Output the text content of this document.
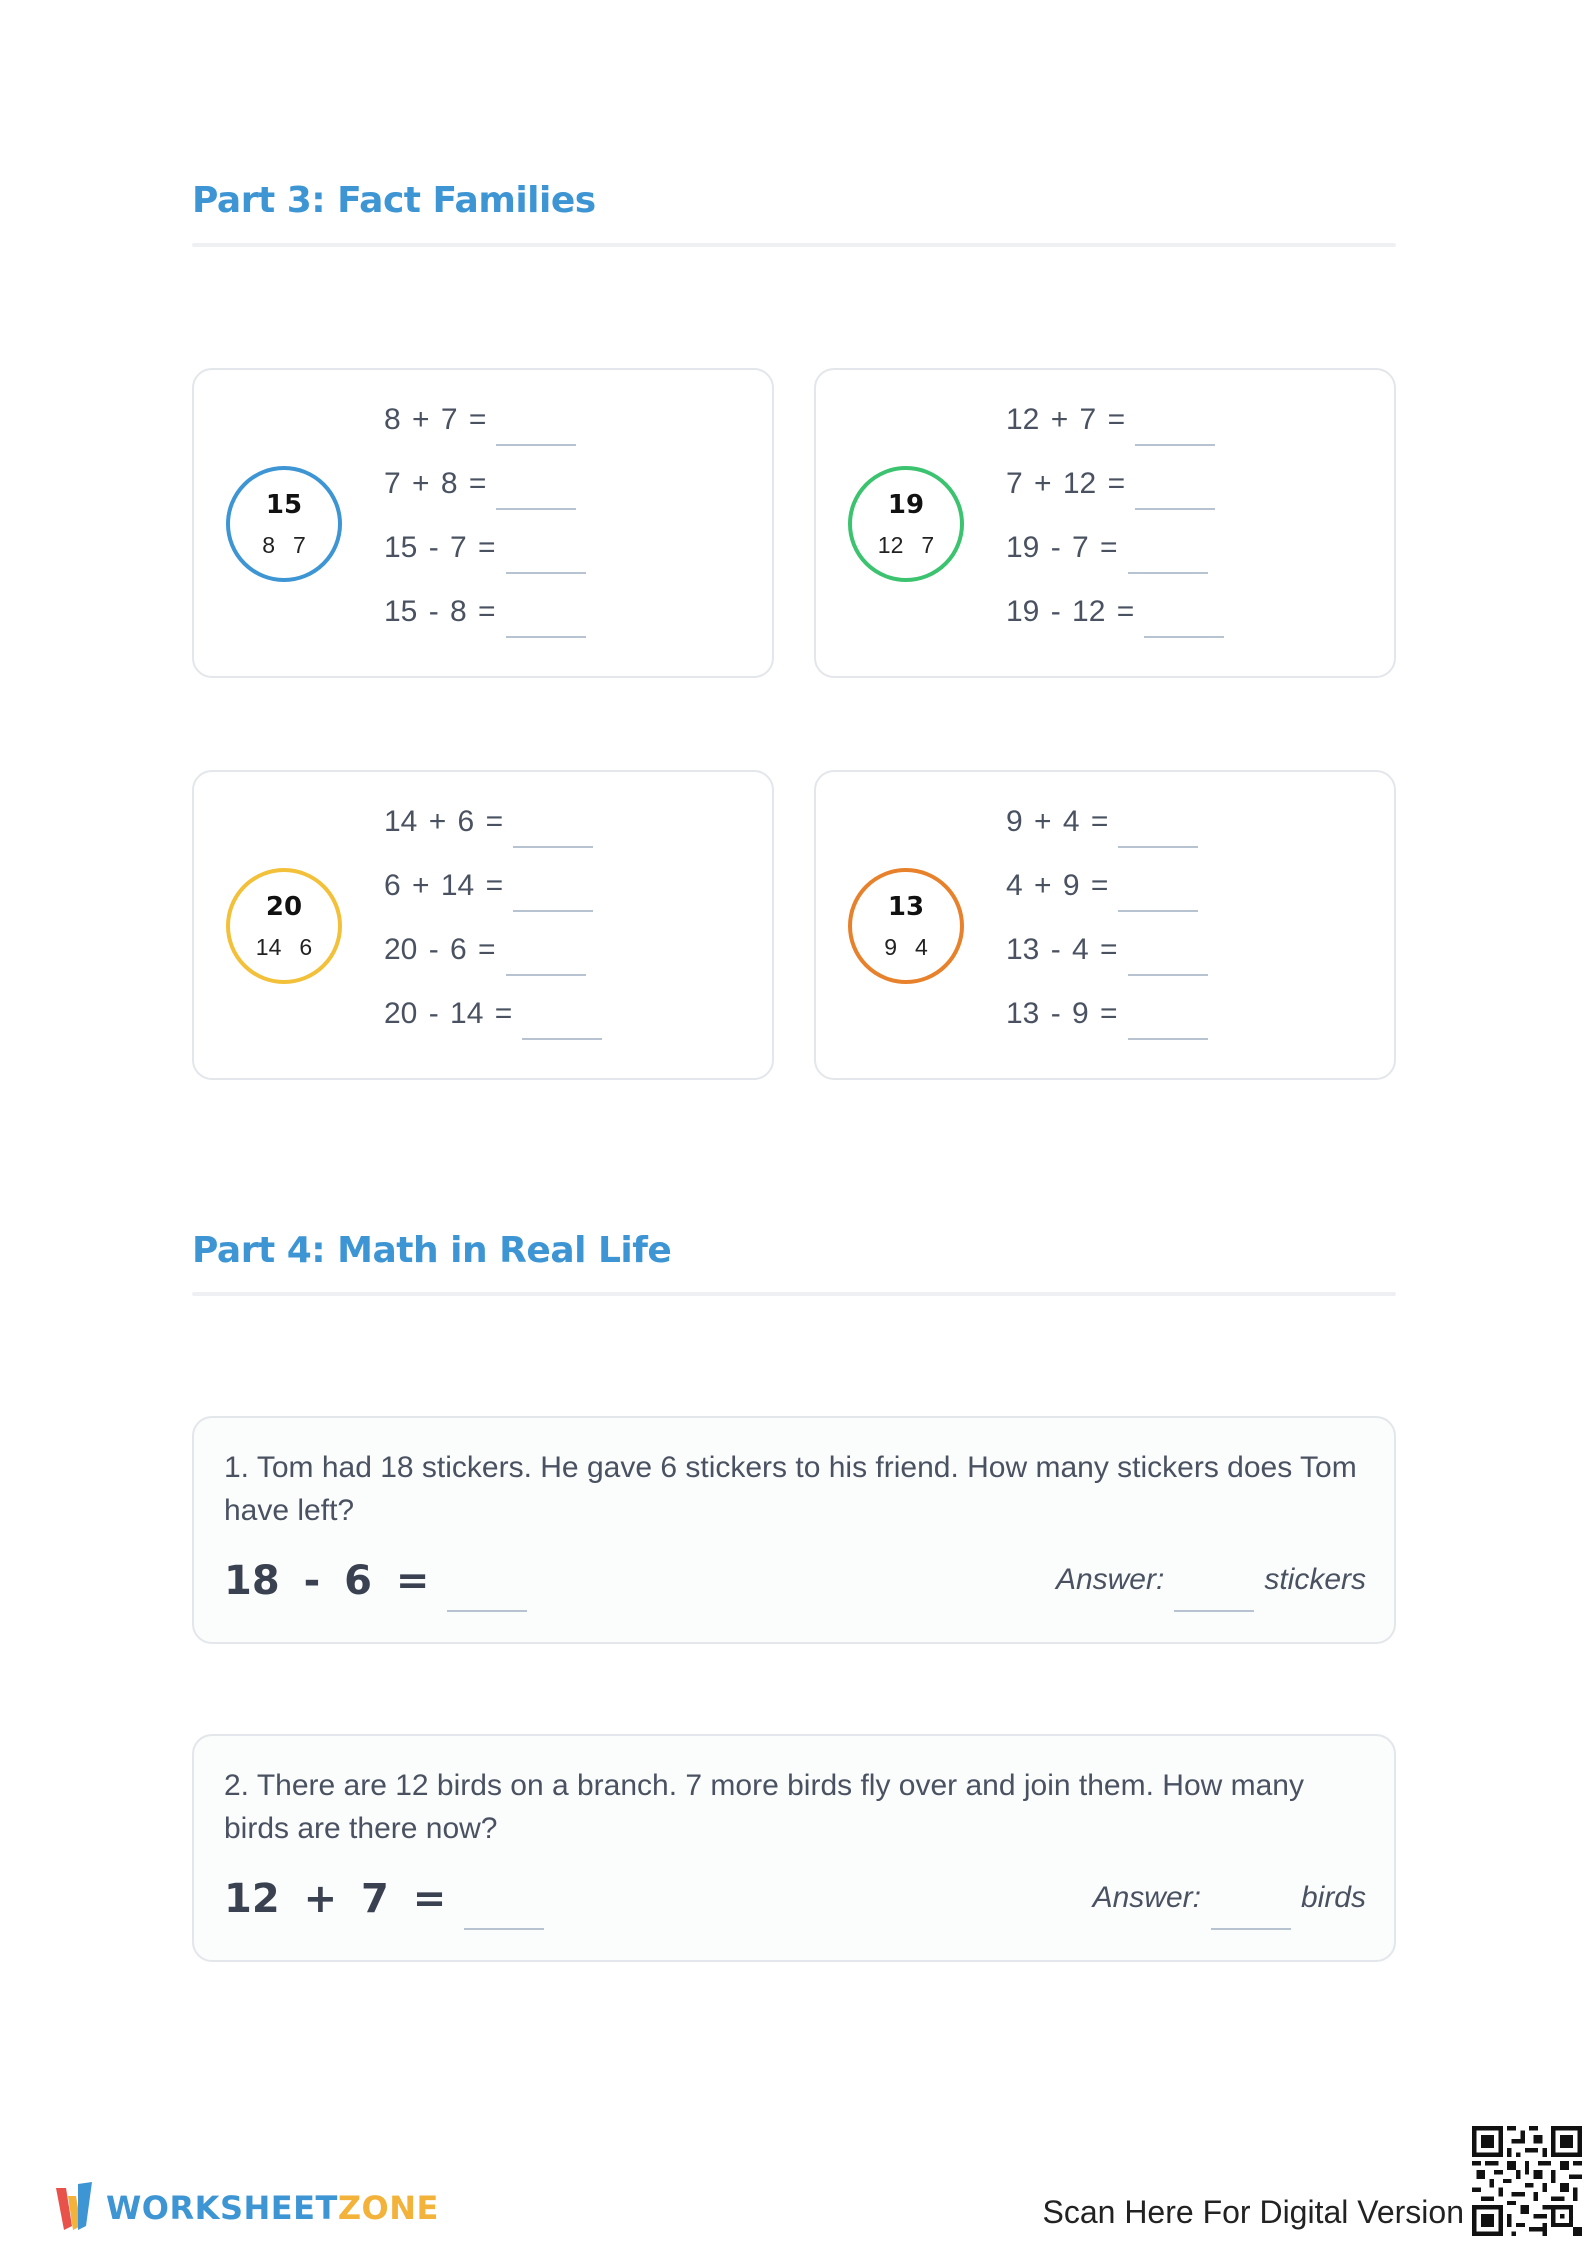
Part 3: Fact Families
15
8 7
8 + 7 =
7 + 8 =
15 - 7 =
15 - 8 =
19
12 7
12 + 7 =
7 + 12 =
19 - 7 =
19 - 12 =
20
14 6
14 + 6 =
6 + 14 =
20 - 6 =
20 - 14 =
13
9 4
9 + 4 =
4 + 9 =
13 - 4 =
13 - 9 =
Part 4: Math in Real Life
1. Tom had 18 stickers. He gave 6 stickers to his friend. How many stickers does Tom have left?
18 - 6 =	Answer:	stickers
2. There are 12 birds on a branch. 7 more birds fly over and join them. How many birds are there now?
12 + 7 =	Answer:	birds
WORKSHEETZONE	Scan Here For Digital Version
